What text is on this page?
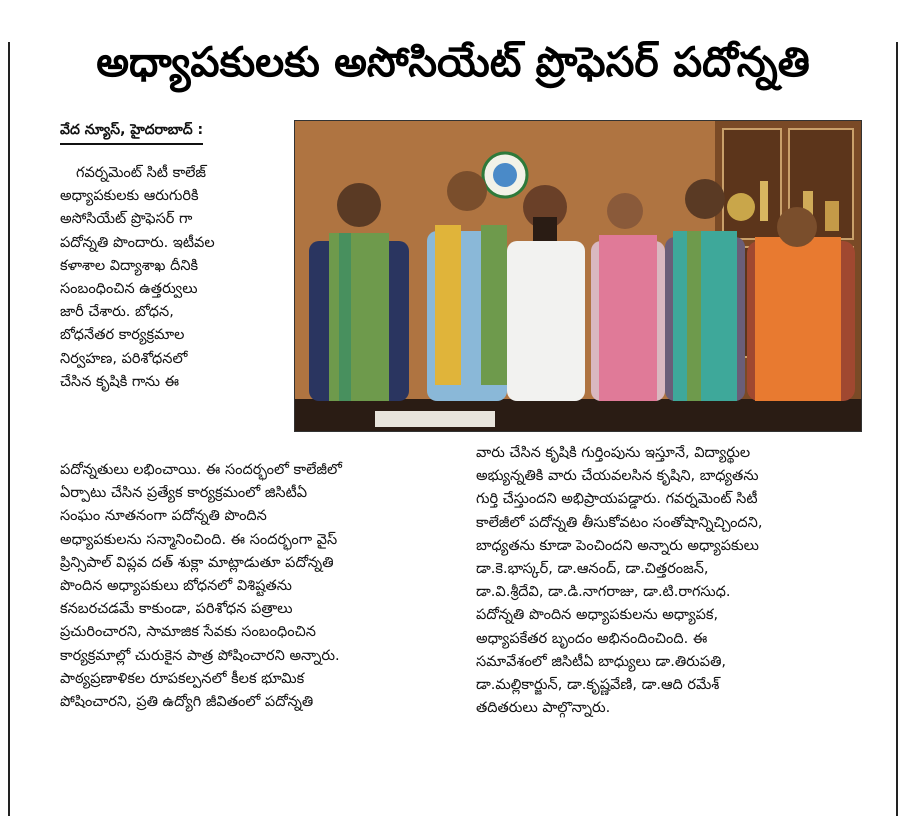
అధ్యాపకులకు అసోసియేట్ ప్రొఫెసర్ పదోన్నతి
వేద న్యూస్, హైదరాబాద్ :

గవర్నమెంట్ సిటీ కాలేజ్
అధ్యాపకులకు ఆరుగురికి
అసోసియేట్ ప్రొఫెసర్ గా
పదోన్నతి పొందారు. ఇటీవల
కళాశాల విద్యాశాఖ దీనికి
సంబంధించిన ఉత్తర్వులు
జారీ చేశారు. బోధన,
బోధనేతర కార్యక్రమాల
నిర్వహణ, పరిశోధనలో
చేసిన కృషికి గాను ఈ

పదోన్నతులు లభించాయి. ఈ సందర్భంలో కాలేజీలో
ఏర్పాటు చేసిన ప్రత్యేక కార్యక్రమంలో జిసిటీఏ
సంఘం నూతనంగా పదోన్నతి పొందిన
అధ్యాపకులను సన్మానించింది. ఈ సందర్భంగా వైస్
ప్రిన్సిపాల్ విప్లవ దత్ శుక్లా మాట్లాడుతూ పదోన్నతి
పొందిన అధ్యాపకులు బోధనలో విశిష్టతను
కనబరచడమే కాకుండా, పరిశోధన పత్రాలు
ప్రచురించారని, సామాజిక సేవకు సంబంధించిన
కార్యక్రమాల్లో చురుకైన పాత్ర పోషించారని అన్నారు.
పాఠ్యప్రణాళికల రూపకల్పనలో కీలక భూమిక
పోషించారని, ప్రతి ఉద్యోగి జీవితంలో పదోన్నతి

వారు చేసిన కృషికి గుర్తింపును ఇస్తూనే, విద్యార్థుల
అభ్యున్నతికి వారు చేయవలసిన కృషిని, బాధ్యతను
గుర్తి చేస్తుందని అభిప్రాయపడ్డారు. గవర్నమెంట్ సిటీ
కాలేజీలో పదోన్నతి తీసుకోవటం సంతోషాన్నిచ్చిందని,
బాధ్యతను కూడా పెంచిందని అన్నారు అధ్యాపకులు
డా.కె.భాస్కర్, డా.ఆనంద్, డా.చిత్తరంజన్,
డా.వి.శ్రీదేవి, డా.డి.నాగరాజు, డా.టి.రాగసుధ.
పదోన్నతి పొందిన అధ్యాపకులను అధ్యాపక,
అధ్యాపకేతర బృందం అభినందించింది. ఈ
సమావేశంలో జిసిటీఏ బాధ్యులు డా.తిరుపతి,
డా.మల్లికార్జున్, డా.కృష్ణవేణి, డా.ఆది రమేశ్
తదితరులు పాల్గొన్నారు.
